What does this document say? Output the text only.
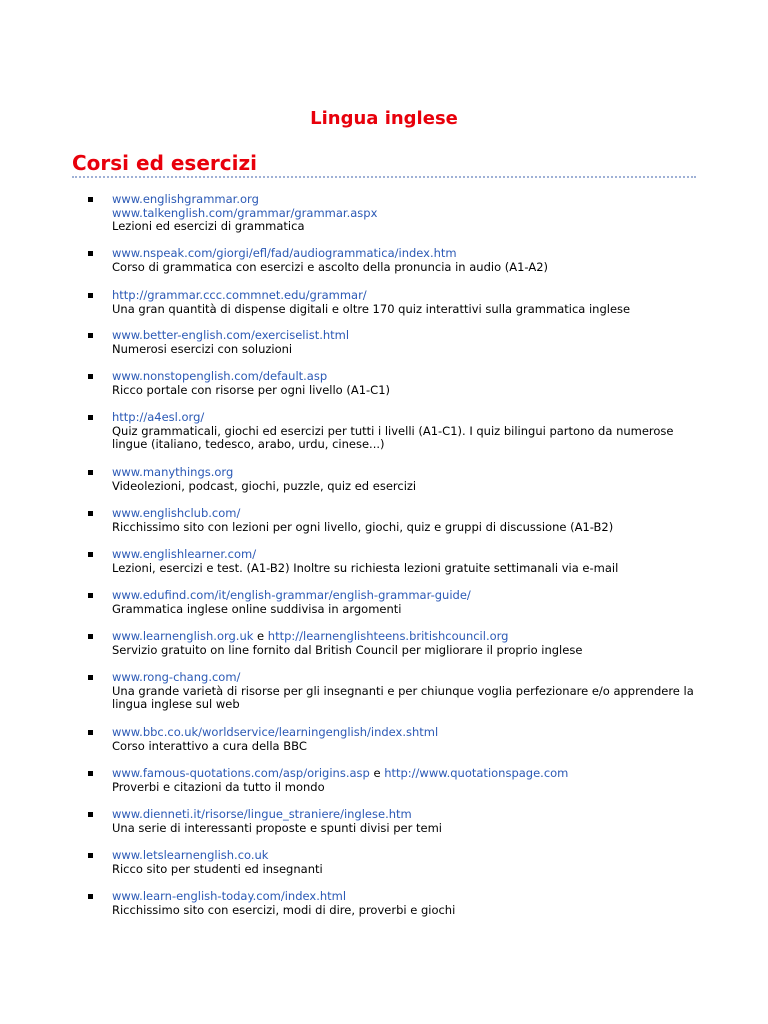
Lingua inglese
Corsi ed esercizi
www.englishgrammar.org
www.talkenglish.com/grammar/grammar.aspx
Lezioni ed esercizi di grammatica
www.nspeak.com/giorgi/efl/fad/audiogrammatica/index.htm
Corso di grammatica con esercizi e ascolto della pronuncia in audio (A1-A2)
http://grammar.ccc.commnet.edu/grammar/
Una gran quantità di dispense digitali e oltre 170 quiz interattivi sulla grammatica inglese
www.better-english.com/exerciselist.html
Numerosi esercizi con soluzioni
www.nonstopenglish.com/default.asp
Ricco portale con risorse per ogni livello (A1-C1)
http://a4esl.org/
Quiz grammaticali, giochi ed esercizi per tutti i livelli (A1-C1). I quiz bilingui partono da numerose lingue (italiano, tedesco, arabo, urdu, cinese...)
www.manythings.org
Videolezioni, podcast, giochi, puzzle, quiz ed esercizi
www.englishclub.com/
Ricchissimo sito con lezioni per ogni livello, giochi, quiz e gruppi di discussione (A1-B2)
www.englishlearner.com/
Lezioni, esercizi e test. (A1-B2) Inoltre su richiesta lezioni gratuite settimanali via e-mail
www.edufind.com/it/english-grammar/english-grammar-guide/
Grammatica inglese online suddivisa in argomenti
www.learnenglish.org.uk e http://learnenglishteens.britishcouncil.org
Servizio gratuito on line fornito dal British Council per migliorare il proprio inglese
www.rong-chang.com/
Una grande varietà di risorse per gli insegnanti e per chiunque voglia perfezionare e/o apprendere la lingua inglese sul web
www.bbc.co.uk/worldservice/learningenglish/index.shtml
Corso interattivo a cura della BBC
www.famous-quotations.com/asp/origins.asp e http://www.quotationspage.com
Proverbi e citazioni da tutto il mondo
www.dienneti.it/risorse/lingue_straniere/inglese.htm
Una serie di interessanti proposte e spunti divisi per temi
www.letslearnenglish.co.uk
Ricco sito per studenti ed insegnanti
www.learn-english-today.com/index.html
Ricchissimo sito con esercizi, modi di dire, proverbi e giochi
